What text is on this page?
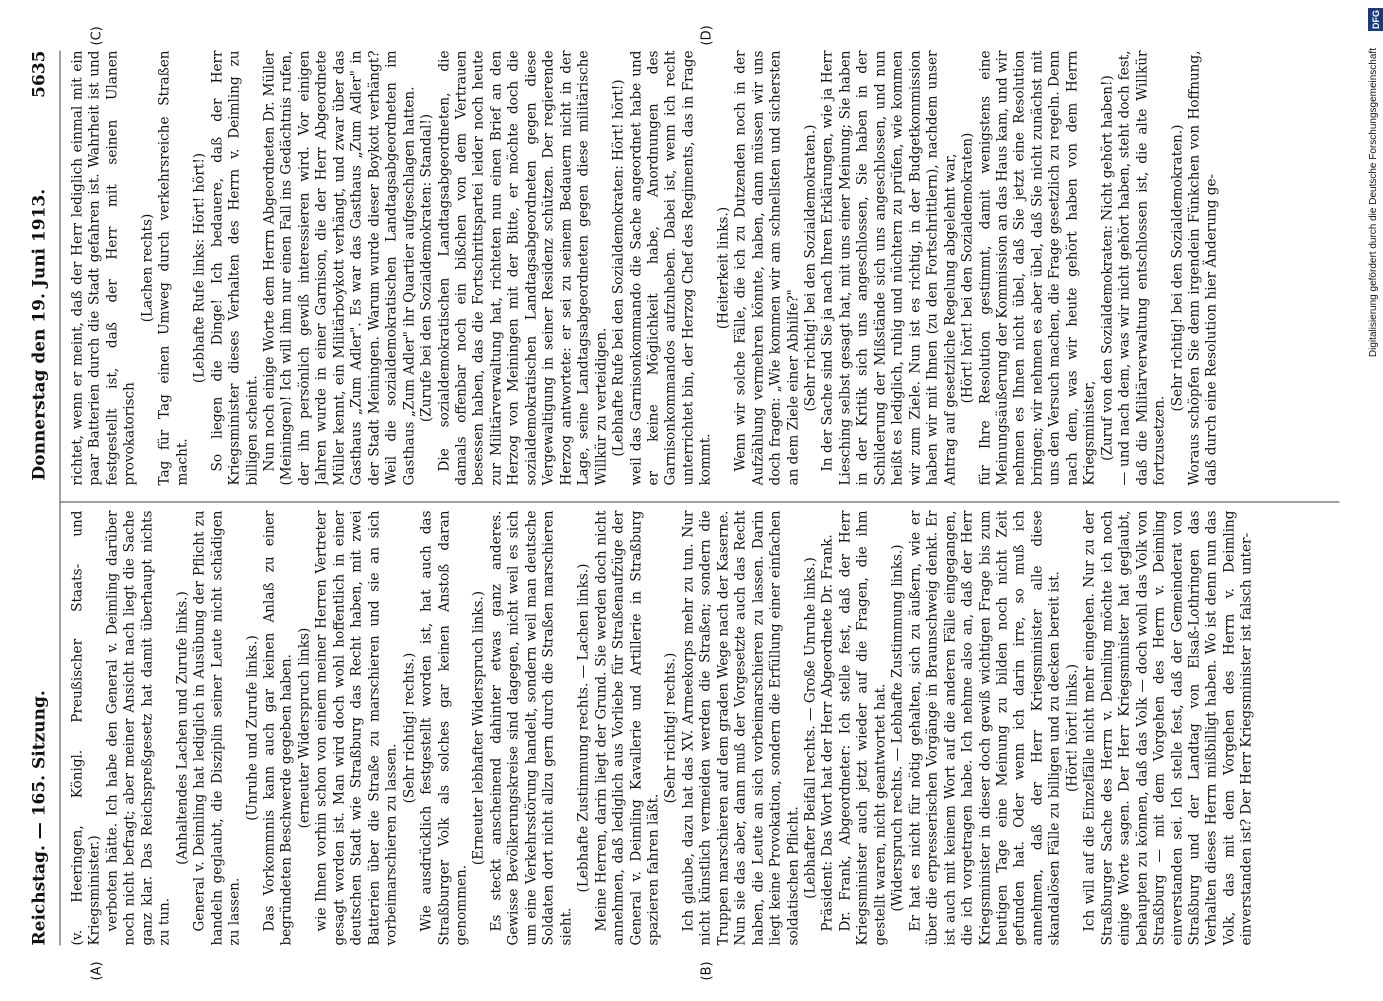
Reichstag. — 165. Sitzung.
Donnerstag den 19. Juni 1913.
5635
(A)	(B)
(C)	(D)

(v. Heeringen, Königl. Preußischer Staats- und Kriegsminister.) verboten hätte. Ich habe den General v. Deimling darüber noch nicht befragt; aber meiner Ansicht nach liegt die Sache ganz klar. Das Reichspreßgesetz hat damit überhaupt nichts zu tun.

(Anhaltendes Lachen und Zurufe links.) General v. Deimling hat lediglich in Ausübung der Pflicht zu handeln geglaubt, die Disziplin seiner Leute nicht schädigen zu lassen.

(Unruhe und Zurufe links.) Das Vorkommnis kann auch gar keinen Anlaß zu einer begründeten Beschwerde gegeben haben. (erneuter Widerspruch links) wie Ihnen vorhin schon von einem meiner Herren Vertreter gesagt worden ist. Man wird doch wohl hoffentlich in einer deutschen Stadt wie Straßburg das Recht haben, mit zwei Batterien über die Straße zu marschieren und sie an sich vorbeimarschieren zu lassen.

(Sehr richtig! rechts.) Wie ausdrücklich festgestellt worden ist, hat auch das Straßburger Volk als solches gar keinen Anstoß daran genommen.

(Erneuter lebhafter Widerspruch links.) Es steckt anscheinend dahinter etwas ganz anderes. Gewisse Bevölkerungskreise sind dagegen, nicht weil es sich um eine Verkehrsstörung handelt, sondern weil man deutsche Soldaten dort nicht allzu gern durch die Straßen marschieren sieht.

(Lebhafte Zustimmung rechts. — Lachen links.) Meine Herren, darin liegt der Grund. Sie werden doch nicht annehmen, daß lediglich aus Vorliebe für Straßenaufzüge der General v. Deimling Kavallerie und Artillerie in Straßburg spazieren fahren läßt.

(Sehr richtig! rechts.) Ich glaube, dazu hat das XV. Armeekorps mehr zu tun. Nur nicht künstlich vermeiden werden die Straßen; sondern die Truppen marschieren auf dem graden Wege nach der Kaserne. Nun sie das aber, dann muß der Vorgesetzte auch das Recht haben, die Leute an sich vorbeimarschieren zu lassen. Darin liegt keine Provokation, sondern die Erfüllung einer einfachen soldatischen Pflicht. (Lebhafter Beifall rechts. — Große Unruhe links.) Präsident: Das Wort hat der Herr Abgeordnete Dr. Frank. Dr. Frank, Abgeordneter: Ich stelle fest, daß der Herr Kriegsminister auch jetzt wieder auf die Fragen, die ihm gestellt waren, nicht geantwortet hat. (Widerspruch rechts. — Lebhafte Zustimmung links.) Er hat es nicht für nötig gehalten, sich zu äußern, wie er über die erpresserischen Vorgänge in Braunschweig denkt. Er ist auch mit keinem Wort auf die anderen Fälle eingegangen, die ich vorgetragen habe. Ich nehme also an, daß der Herr Kriegsminister in dieser doch gewiß wichtigen Frage bis zum heutigen Tage eine Meinung zu bilden noch nicht Zeit gefunden hat. Oder wenn ich darin irre, so muß ich annehmen, daß der Herr Kriegsminister alle diese skandalösen Fälle zu billigen und zu decken bereit ist. (Hört! hört! links.) Ich will auf die Einzelfälle nicht mehr eingehen. Nur zu der Straßburger Sache des Herrn v. Deimling möchte ich noch einige Worte sagen. Der Herr Kriegsminister hat geglaubt, behaupten zu können, daß das Volk — doch wohl das Volk von Straßburg — mit dem Vorgehen des Herrn v. Deimling einverstanden sei. Ich stelle fest, daß der Gemeinderat von Straßburg und der Landtag von Elsaß-Lothringen das Verhalten dieses Herrn mißbilligt haben. Wo ist denn nun das Volk, das mit dem Vorgehen des Herrn v. Deimling einverstanden ist? Der Herr Kriegsminister ist falsch unter-

richtet, wenn er meint, daß der Herr lediglich einmal mit ein paar Batterien durch die Stadt gefahren ist. Wahrheit ist und festgestellt ist, daß der Herr mit seinen Ulanen provokatorisch

(Lachen rechts) Tag für Tag einen Umweg durch verkehrsreiche Straßen macht.

(Lebhafte Rufe links: Hört! hört!) So liegen die Dinge! Ich bedauere, daß der Herr Kriegsminister dieses Verhalten des Herrn v. Deimling zu billigen scheint. Nun noch einige Worte dem Herrn Abgeordneten Dr. Müller (Meiningen)! Ich will ihm nur einen Fall ins Gedächtnis rufen, der ihn persönlich gewiß interessieren wird. Vor einigen Jahren wurde in einer Garnison, die der Herr Abgeordnete Müller kennt, ein Militärboykott verhängt, und zwar über das Gasthaus „Zum Adler". Es war das Gasthaus „Zum Adler" in der Stadt Meiningen. Warum wurde dieser Boykott verhängt? Weil die sozialdemokratischen Landtagsabgeordneten im Gasthaus „Zum Adler" ihr Quartier aufgeschlagen hatten. (Zurufe bei den Sozialdemokraten: Standal!) Die sozialdemokratischen Landtagsabgeordneten, die damals offenbar noch ein bißchen von dem Vertrauen besessen haben, das die Fortschrittspartei leider noch heute zur Militärverwaltung hat, richteten nun einen Brief an den Herzog von Meiningen mit der Bitte, er möchte doch die sozialdemokratischen Landtagsabgeordneten gegen diese Vergewaltigung in seiner Residenz schützen. Der regierende Herzog antwortete: er sei zu seinem Bedauern nicht in der Lage, seine Landtagsabgeordneten gegen diese militärische Willkür zu verteidigen. (Lebhafte Rufe bei den Sozialdemokraten: Hört! hört!) weil das Garnisonkommando die Sache angeordnet habe und er keine Möglichkeit habe, Anordnungen des Garnisonkommandos aufzuheben. Dabei ist, wenn ich recht unterrichtet bin, der Herzog Chef des Regiments, das in Frage kommt.

(Heiterkeit links.) Wenn wir solche Fälle, die ich zu Dutzenden noch in der Aufzählung vermehren könnte, haben, dann müssen wir uns doch fragen: „Wie kommen wir am schnellsten und sichersten an dem Ziele einer Abhilfe?" (Sehr richtig! bei den Sozialdemokraten.) In der Sache sind Sie ja nach Ihren Erklärungen, wie ja Herr Liesching selbst gesagt hat, mit uns einer Meinung; Sie haben in der Kritik sich uns angeschlossen, Sie haben in der Schilderung der Mißstände sich uns angeschlossen, und nun heißt es lediglich, ruhig und nüchtern zu prüfen, wie kommen wir zum Ziele. Nun ist es richtig, in der Budgetkommission haben wir mit Ihnen (zu den Fortschrittlern), nachdem unser Antrag auf gesetzliche Regelung abgelehnt war, (Hört! hört! bei den Sozialdemokraten) für Ihre Resolution gestimmt, damit wenigstens eine Meinungsäußerung der Kommission an das Haus kam, und wir nehmen es Ihnen nicht übel, daß Sie jetzt eine Resolution bringen; wir nehmen es aber übel, daß Sie nicht zunächst mit uns den Versuch machen, die Frage gesetzlich zu regeln. Denn nach dem, was wir heute gehört haben von dem Herrn Kriegsminister, (Zuruf von den Sozialdemokraten: Nicht gehört haben!) — und nach dem, was wir nicht gehört haben, steht doch fest, daß die Militärverwaltung entschlossen ist, die alte Willkür fortzusetzen.

(Sehr richtig! bei den Sozialdemokraten.) Woraus schöpfen Sie denn irgendein Fünkchen von Hoffnung, daß durch eine Resolution hier Änderung ge-

DFG
Digitalisierung gefördert durch die Deutsche Forschungsgemeinschaft
